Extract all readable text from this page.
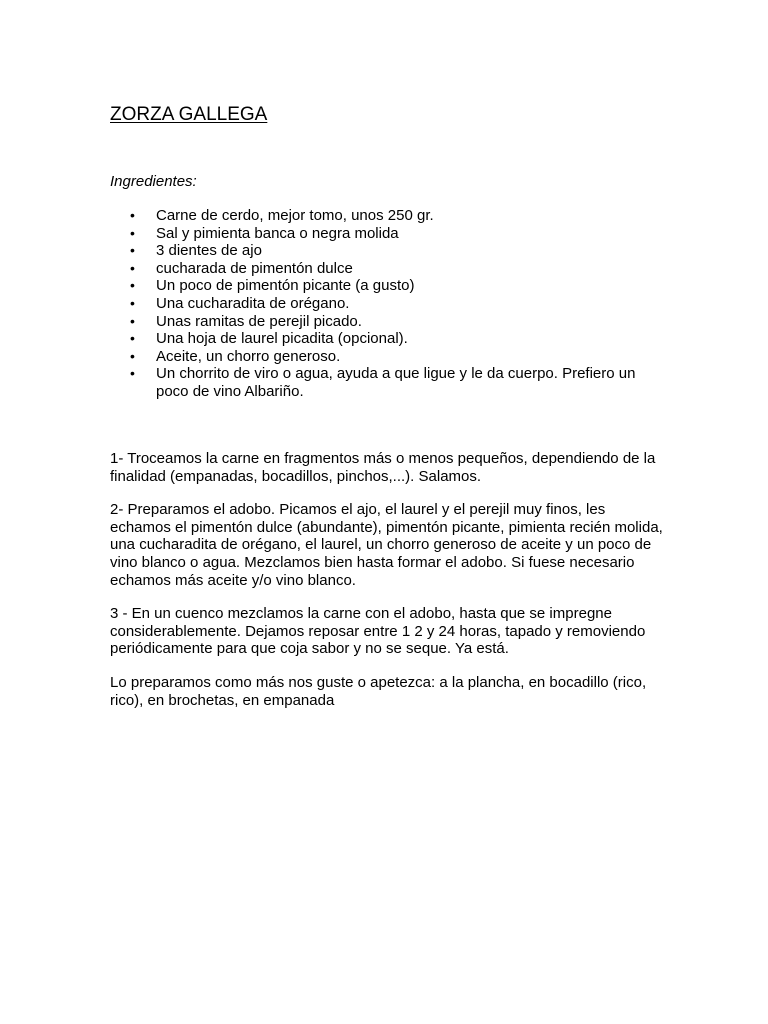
ZORZA GALLEGA

Ingredientes:

• Carne de cerdo, mejor tomo, unos 250 gr.
• Sal y pimienta banca o negra molida
• 3 dientes de ajo
• cucharada de pimentón dulce
• Un poco de pimentón picante (a gusto)
• Una cucharadita de orégano.
• Unas ramitas de perejil picado.
• Una hoja de laurel picadita (opcional).
• Aceite, un chorro generoso.
• Un chorrito de viro o agua, ayuda a que ligue y le da cuerpo. Prefiero un poco de vino Albariño.

1- Troceamos la carne en fragmentos más o menos pequeños, dependiendo de la finalidad (empanadas, bocadillos, pinchos,...). Salamos.

2- Preparamos el adobo. Picamos el ajo, el laurel y el perejil muy finos, les echamos el pimentón dulce (abundante), pimentón picante, pimienta recién molida, una cucharadita de orégano, el laurel, un chorro generoso de aceite y un poco de vino blanco o agua. Mezclamos bien hasta formar el adobo. Si fuese necesario echamos más aceite y/o vino blanco.

3 - En un cuenco mezclamos la carne con el adobo, hasta que se impregne considerablemente. Dejamos reposar entre 1 2 y 24 horas, tapado y removiendo periódicamente para que coja sabor y no se seque. Ya está.

Lo preparamos como más nos guste o apetezca: a la plancha, en bocadillo (rico, rico), en brochetas, en empanada
